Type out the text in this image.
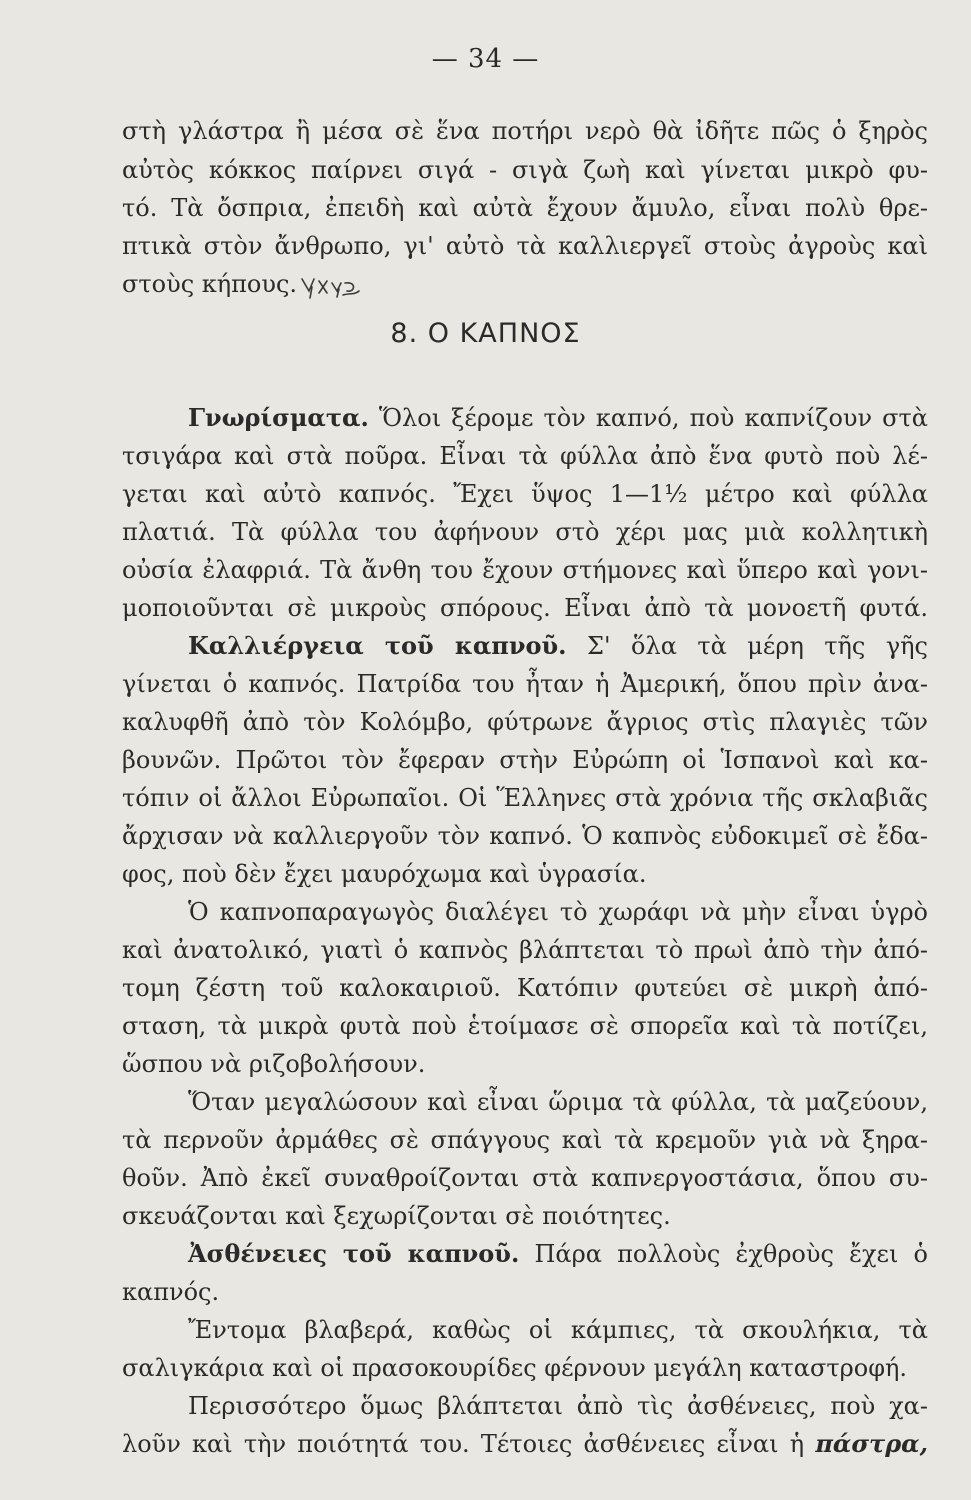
— 34 —
στὴ γλάστρα ἢ μέσα σὲ ἕνα ποτήρι νερὸ θὰ ἰδῆτε πῶς ὁ ξηρὸς
αὐτὸς κόκκος παίρνει σιγά - σιγὰ ζωὴ καὶ γίνεται μικρὸ φυ-
τό. Τὰ ὄσπρια, ἐπειδὴ καὶ αὐτὰ ἔχουν ἄμυλο, εἶναι πολὺ θρε-
πτικὰ στὸν ἄνθρωπο, γι' αὐτὸ τὰ καλλιεργεῖ στοὺς ἀγροὺς καὶ
στοὺς κήπους.
8. Ο ΚΑΠΝΟΣ
Γνωρίσματα. Ὅλοι ξέρομε τὸν καπνό, ποὺ καπνίζουν στὰ
τσιγάρα καὶ στὰ ποῦρα. Εἶναι τὰ φύλλα ἀπὸ ἕνα φυτὸ ποὺ λέ-
γεται καὶ αὐτὸ καπνός. Ἔχει ὕψος 1—1½ μέτρο καὶ φύλλα
πλατιά. Τὰ φύλλα του ἀφήνουν στὸ χέρι μας μιὰ κολλητικὴ
οὐσία ἐλαφριά. Τὰ ἄνθη του ἔχουν στήμονες καὶ ὕπερο καὶ γονι-
μοποιοῦνται σὲ μικροὺς σπόρους. Εἶναι ἀπὸ τὰ μονοετῆ φυτά.
Καλλιέργεια τοῦ καπνοῦ. Σ' ὅλα τὰ μέρη τῆς γῆς
γίνεται ὁ καπνός. Πατρίδα του ἦταν ἡ Ἀμερική, ὅπου πρὶν ἀνα-
καλυφθῆ ἀπὸ τὸν Κολόμβο, φύτρωνε ἄγριος στὶς πλαγιὲς τῶν
βουνῶν. Πρῶτοι τὸν ἔφεραν στὴν Εὐρώπη οἱ Ἱσπανοὶ καὶ κα-
τόπιν οἱ ἄλλοι Εὐρωπαῖοι. Οἱ Ἕλληνες στὰ χρόνια τῆς σκλαβιᾶς
ἄρχισαν νὰ καλλιεργοῦν τὸν καπνό. Ὁ καπνὸς εὐδοκιμεῖ σὲ ἔδα-
φος, ποὺ δὲν ἔχει μαυρόχωμα καὶ ὑγρασία.
Ὁ καπνοπαραγωγὸς διαλέγει τὸ χωράφι νὰ μὴν εἶναι ὑγρὸ
καὶ ἀνατολικό, γιατὶ ὁ καπνὸς βλάπτεται τὸ πρωὶ ἀπὸ τὴν ἀπό-
τομη ζέστη τοῦ καλοκαιριοῦ. Κατόπιν φυτεύει σὲ μικρὴ ἀπό-
σταση, τὰ μικρὰ φυτὰ ποὺ ἑτοίμασε σὲ σπορεῖα καὶ τὰ ποτίζει,
ὥσπου νὰ ριζοβολήσουν.
Ὅταν μεγαλώσουν καὶ εἶναι ὥριμα τὰ φύλλα, τὰ μαζεύουν,
τὰ περνοῦν ἀρμάθες σὲ σπάγγους καὶ τὰ κρεμοῦν γιὰ νὰ ξηρα-
θοῦν. Ἀπὸ ἐκεῖ συναθροίζονται στὰ καπνεργοστάσια, ὅπου συ-
σκευάζονται καὶ ξεχωρίζονται σὲ ποιότητες.
Ἀσθένειες τοῦ καπνοῦ. Πάρα πολλοὺς ἐχθροὺς ἔχει ὁ
καπνός.
Ἔντομα βλαβερά, καθὼς οἱ κάμπιες, τὰ σκουλήκια, τὰ
σαλιγκάρια καὶ οἱ πρασοκουρίδες φέρνουν μεγάλη καταστροφή.
Περισσότερο ὅμως βλάπτεται ἀπὸ τὶς ἀσθένειες, ποὺ χα-
λοῦν καὶ τὴν ποιότητά του. Τέτοιες ἀσθένειες εἶναι ἡ πάστρα,
